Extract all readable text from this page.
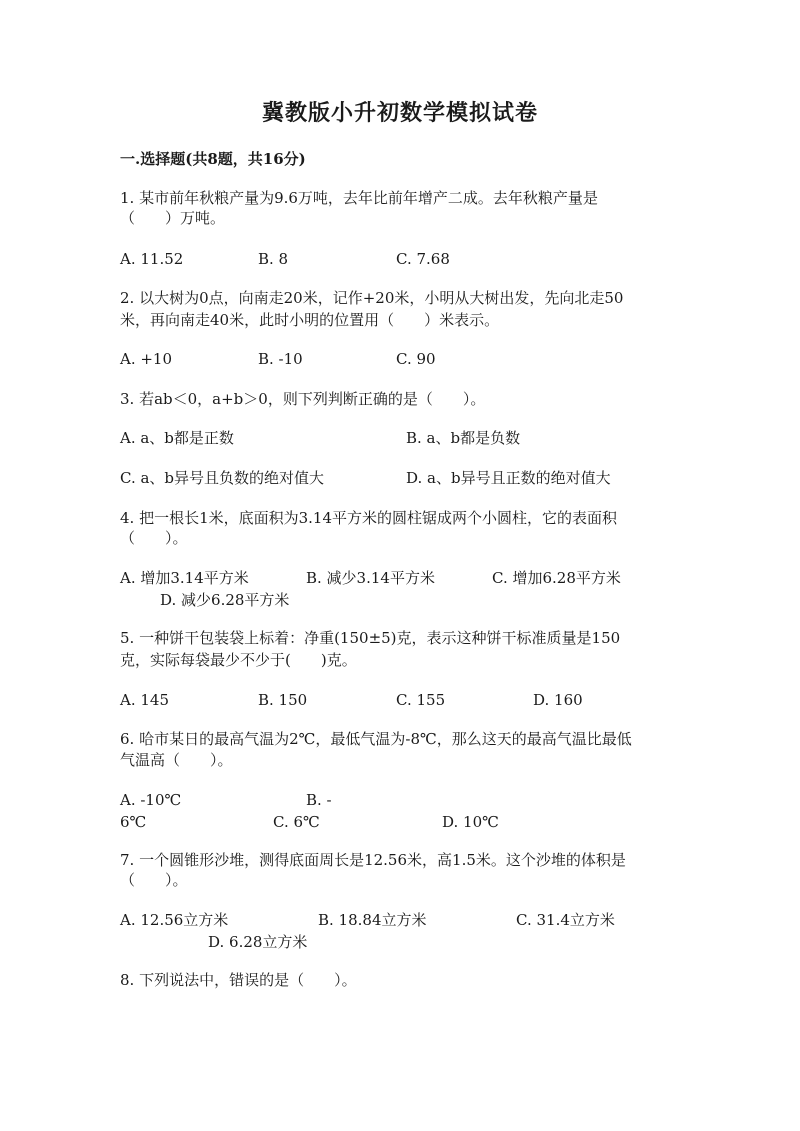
冀教版小升初数学模拟试卷
一.选择题(共8题，共16分)
1. 某市前年秋粮产量为9.6万吨，去年比前年增产二成。去年秋粮产量是
（　　）万吨。
A. 11.52	B. 8	C. 7.68
2. 以大树为0点，向南走20米，记作+20米，小明从大树出发，先向北走50
米，再向南走40米，此时小明的位置用（　　）米表示。
A. +10	B. -10	C. 90
3. 若ab＜0，a+b＞0，则下列判断正确的是（　　）。
A. a、b都是正数	B. a、b都是负数
C. a、b异号且负数的绝对值大	D. a、b异号且正数的绝对值大
4. 把一根长1米，底面积为3.14平方米的圆柱锯成两个小圆柱，它的表面积
（　　）。
A. 增加3.14平方米	B. 减少3.14平方米	C. 增加6.28平方米
D. 减少6.28平方米
5. 一种饼干包装袋上标着：净重(150±5)克，表示这种饼干标准质量是150
克，实际每袋最少不少于(　　)克。
A. 145	B. 150	C. 155	D. 160
6. 哈市某日的最高气温为2℃，最低气温为-8℃，那么这天的最高气温比最低
气温高（　　）。
A. -10℃	B. -
6℃	C. 6℃	D. 10℃
7. 一个圆锥形沙堆，测得底面周长是12.56米，高1.5米。这个沙堆的体积是
（　　）。
A. 12.56立方米	B. 18.84立方米	C. 31.4立方米
D. 6.28立方米
8. 下列说法中，错误的是（　　）。
